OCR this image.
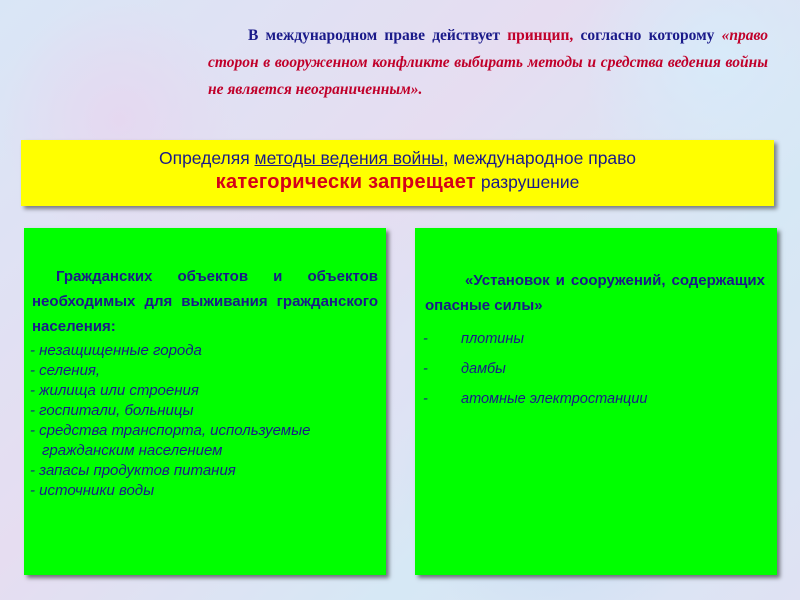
В международном праве действует принцип, согласно которому «право сторон в вооруженном конфликте выбирать методы и средства ведения войны не является неограниченным».
Определяя методы ведения войны, международное право
категорически запрещает разрушение
Гражданских объектов и объектов необходимых для выживания гражданского населения:
- незащищенные города
- селения,
- жилища или строения
- госпитали, больницы
- средства транспорта, используемые
гражданским населением
- запасы продуктов питания
- источники воды
«Установок и сооружений, содержащих опасные силы»
- плотины
- дамбы
- атомные электростанции
